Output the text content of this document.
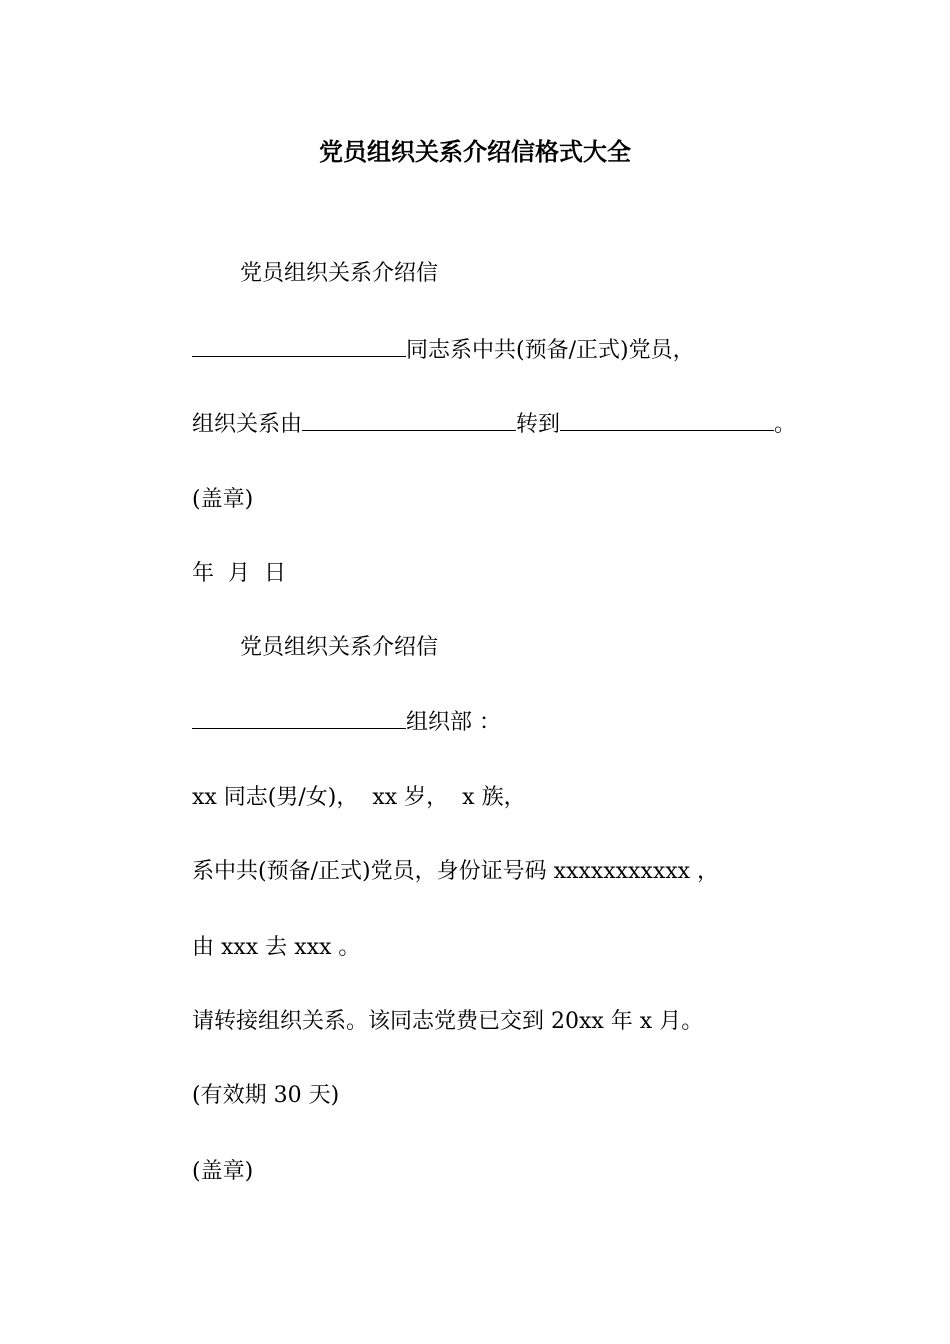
党员组织关系介绍信格式大全
党员组织关系介绍信
同志系中共(预备/正式)党员，
组织关系由	转到	。
(盖章)
年 月 日
党员组织关系介绍信
组织部 ：
xx 同志(男/女)，  xx 岁，  x 族，
系中共(预备/正式)党员，身份证号码 xxxxxxxxxxx ，
由 xxx 去 xxx 。
请转接组织关系。该同志党费已交到 20xx 年 x 月。
(有效期 30 天)
(盖章)
